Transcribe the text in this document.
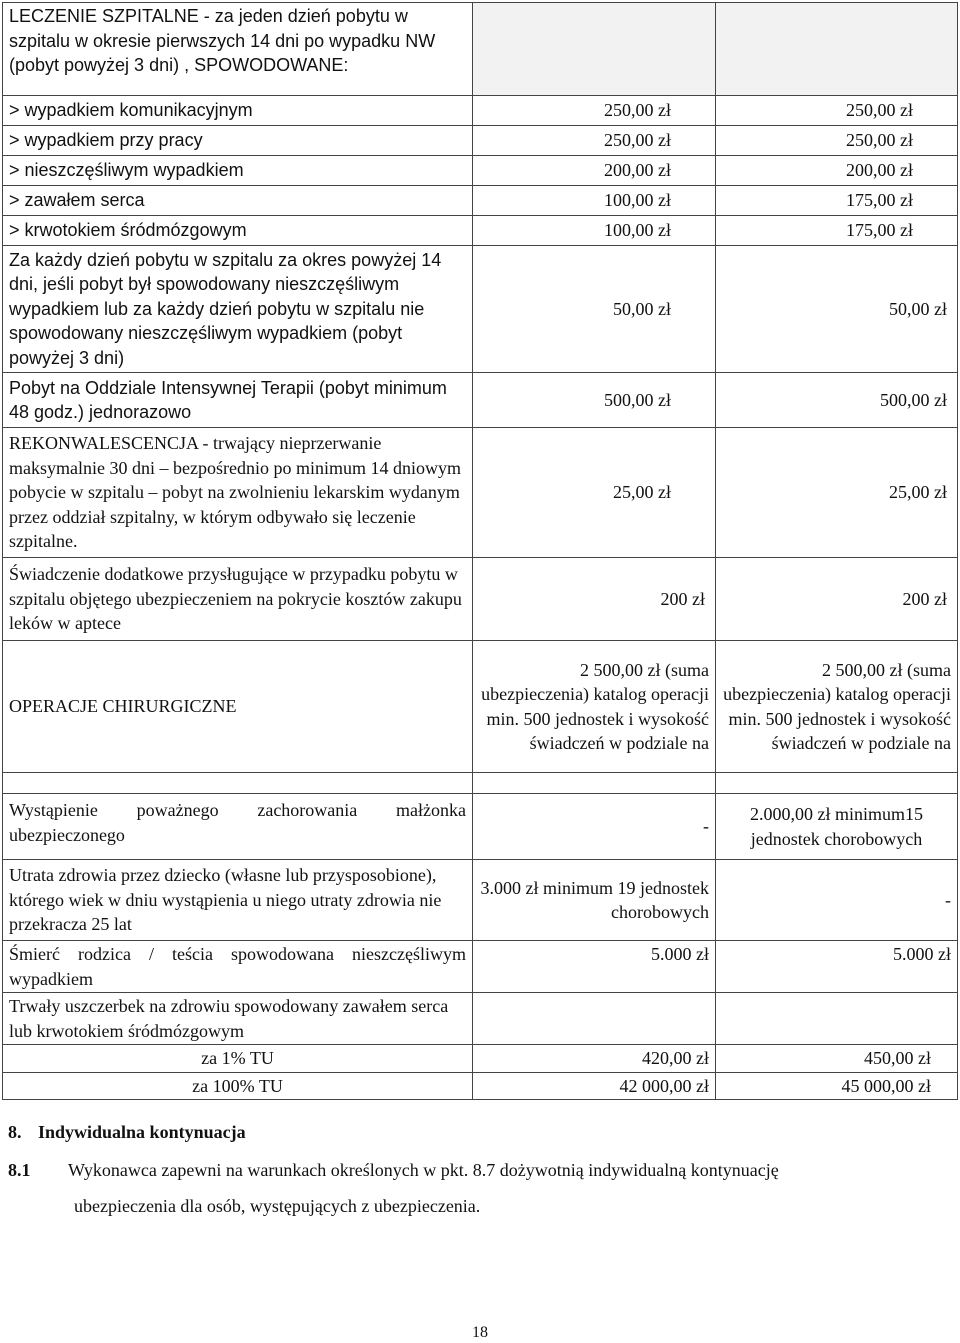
LECZENIE SZPITALNE - za jeden dzień pobytu w szpitalu w okresie pierwszych 14 dni po wypadku NW (pobyt powyżej 3 dni) , SPOWODOWANE:		
> wypadkiem komunikacyjnym	250,00 zł	250,00 zł
> wypadkiem przy pracy	250,00 zł	250,00 zł
> nieszczęśliwym wypadkiem	200,00 zł	200,00 zł
> zawałem serca	100,00 zł	175,00 zł
> krwotokiem śródmózgowym	100,00 zł	175,00 zł
Za każdy dzień pobytu w szpitalu za okres powyżej 14 dni, jeśli pobyt był spowodowany nieszczęśliwym wypadkiem lub za każdy dzień pobytu w szpitalu nie spowodowany nieszczęśliwym wypadkiem (pobyt powyżej 3 dni)	50,00 zł	50,00 zł
Pobyt na Oddziale Intensywnej Terapii (pobyt minimum 48 godz.) jednorazowo	500,00 zł	500,00 zł
REKONWALESCENCJA - trwający nieprzerwanie maksymalnie 30 dni – bezpośrednio po minimum 14 dniowym pobycie w szpitalu – pobyt na zwolnieniu lekarskim wydanym przez oddział szpitalny, w którym odbywało się leczenie szpitalne.	25,00 zł	25,00 zł
Świadczenie dodatkowe przysługujące w przypadku pobytu w szpitalu objętego ubezpieczeniem na pokrycie kosztów zakupu leków w aptece	200 zł	200 zł
OPERACJE CHIRURGICZNE	2 500,00 zł (suma ubezpieczenia) katalog operacji min. 500 jednostek i wysokość świadczeń w podziale na	2 500,00 zł (suma ubezpieczenia) katalog operacji min. 500 jednostek i wysokość świadczeń w podziale na

Wystąpienie poważnego zachorowania małżonka ubezpieczonego	-	2.000,00 zł minimum15 jednostek chorobowych
Utrata zdrowia przez dziecko (własne lub przysposobione), którego wiek w dniu wystąpienia u niego utraty zdrowia nie przekracza 25 lat	3.000 zł minimum 19 jednostek chorobowych	-
Śmierć rodzica / teścia spowodowana nieszczęśliwym wypadkiem	5.000 zł	5.000 zł
Trwały uszczerbek na zdrowiu spowodowany zawałem serca lub krwotokiem śródmózgowym		
za 1% TU	420,00 zł	450,00 zł
za 100% TU	42 000,00 zł	45 000,00 zł
8. Indywidualna kontynuacja
8.1 Wykonawca zapewni na warunkach określonych w pkt. 8.7 dożywotnią indywidualną kontynuację
ubezpieczenia dla osób, występujących z ubezpieczenia.
18
